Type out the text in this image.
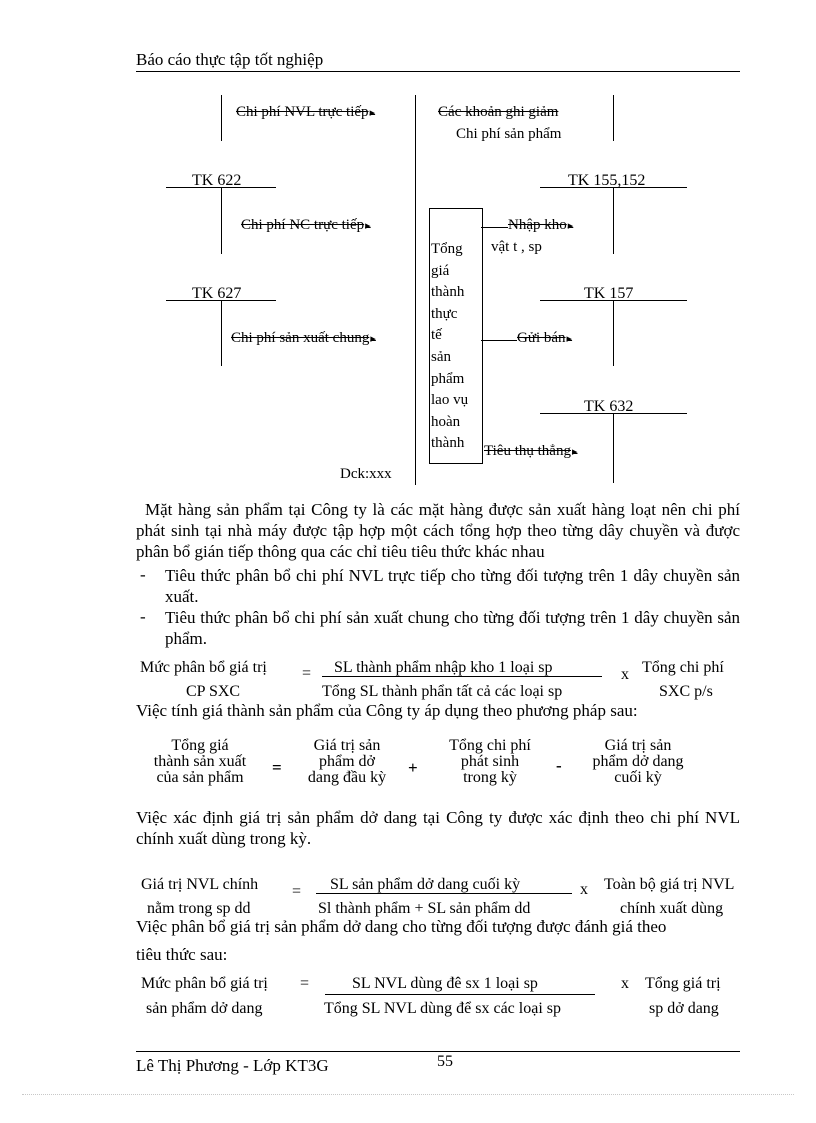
Báo cáo thực tập tốt nghiệp
Chi phí NVL trực tiếp ▸
TK 622
Chi phí NC trực tiếp ▸
TK 627
Chi phí sản xuất chung ▸
Các khoản ghi giảm
Chi phí sản phẩm
TK 155,152
TK 157
TK 632
Tổng
giá
thành
thực
tế
sản
phẩm
lao vụ
hoàn
thành
Nhập kho ▸
vật t , sp
Gửi bán ▸
Tiêu thụ thẳng ▸
Dck:xxx
Mặt hàng sản phẩm tại Công ty là các mặt hàng được sản xuất hàng loạt nên chi phí phát sinh tại nhà máy được tập hợp một cách tổng hợp theo từng dây chuyền và được phân bổ gián tiếp thông qua các chỉ tiêu tiêu thức khác nhau
- Tiêu thức phân bổ chi phí NVL trực tiếp cho từng đối tượng trên 1 dây chuyền sản xuất.
- Tiêu thức phân bổ chi phí sản xuất chung cho từng đối tượng trên 1 dây chuyền sản phẩm.
Mức phân bổ giá trị = SL thành phẩm nhập kho 1 loại sp	x Tổng chi phí
CP SXC	Tổng SL thành phẩn tất cả các loại sp	SXC p/s
Việc tính giá thành sản phẩm của Công ty áp dụng theo phương pháp sau:
Tổng giá
thành sản xuất
của sản phẩm
=
Giá trị sản
phẩm dở
dang đầu kỳ
+
Tổng chi phí
phát sinh
trong kỳ
-
Giá trị sản
phẩm dở dang
cuối kỳ
Việc xác định giá trị sản phẩm dở dang tại Công ty được xác định theo chi phí NVL chính xuất dùng trong kỳ.
Giá trị NVL chính = SL sản phẩm dở dang cuối kỳ	x Toàn bộ giá trị NVL
nằm trong sp dd	Sl thành phẩm + SL sản phẩm dd	chính xuất dùng
Việc phân bổ giá trị sản phẩm dở dang cho từng đối tượng được đánh giá theo
tiêu thức sau:
Mức phân bổ giá trị =	SL NVL dùng đê sx 1 loại sp	x Tổng giá trị
sản phẩm dở dang	Tổng SL NVL dùng để sx các loại sp	sp dở dang
Lê Thị Phương - Lớp KT3G	55
